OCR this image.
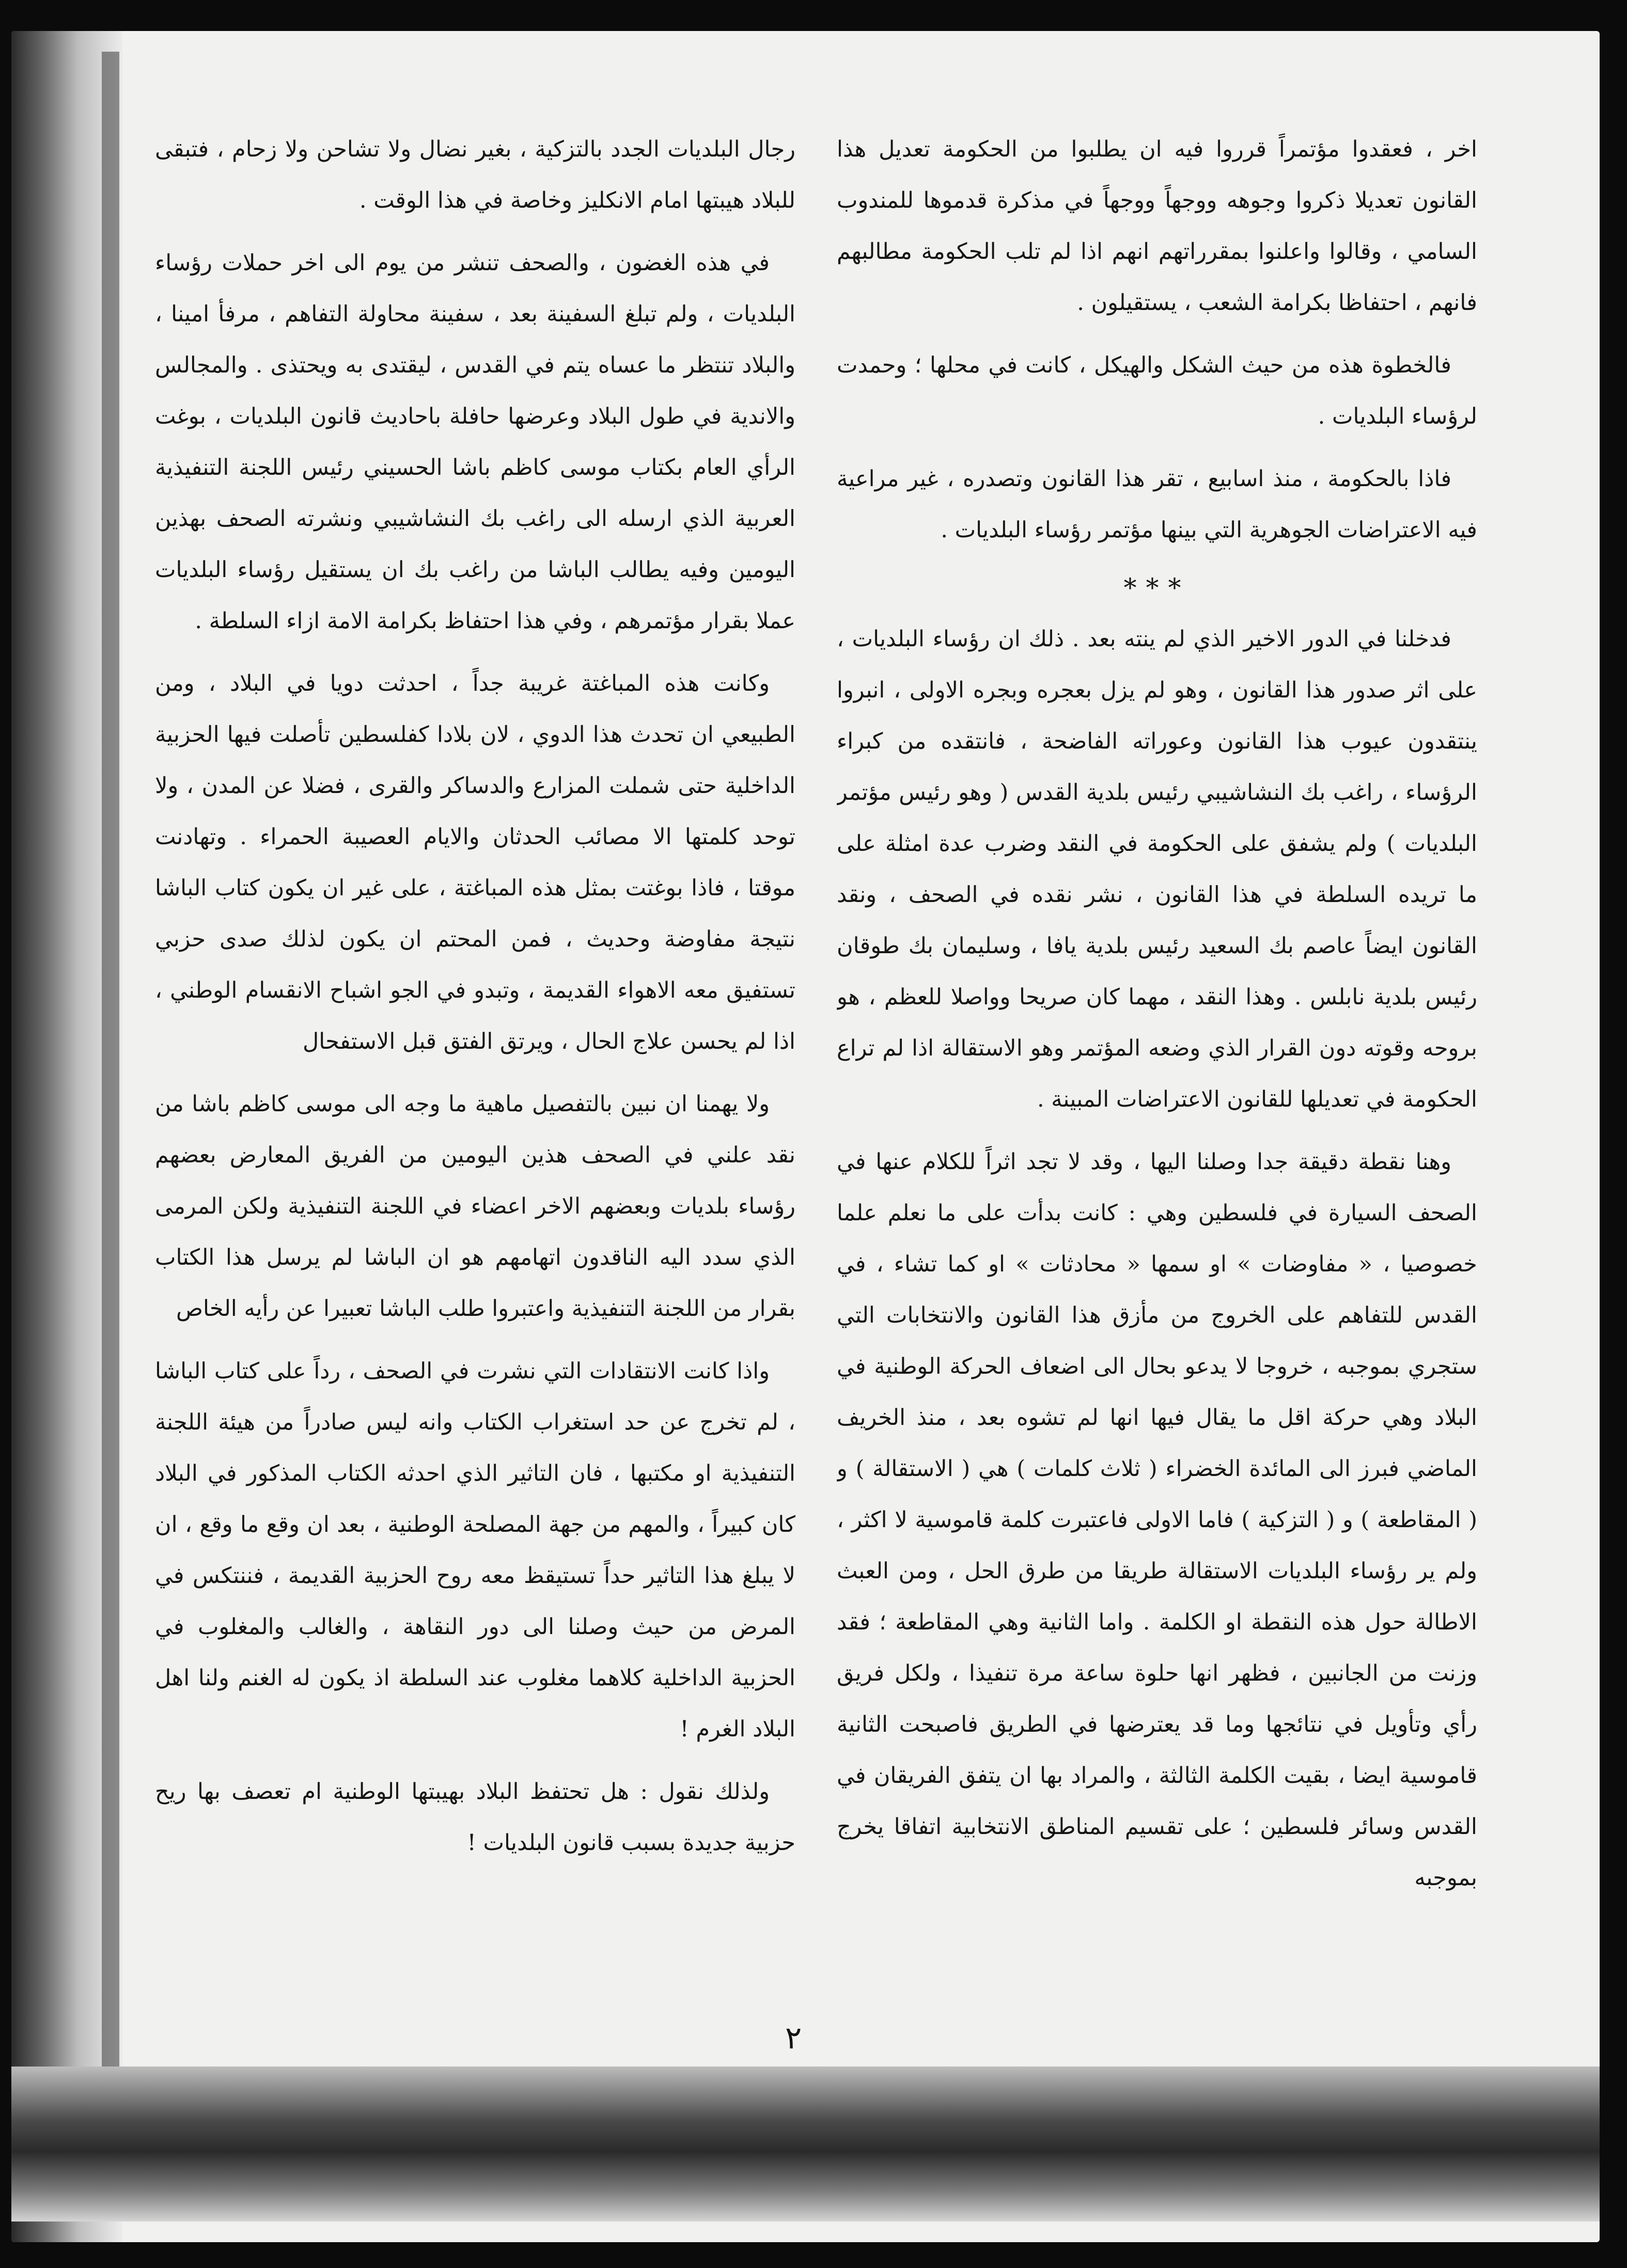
اخر ، فعقدوا مؤتمراً قرروا فيه ان يطلبوا من الحكومة تعديل هذا القانون تعديلا ذكروا وجوهه ووجهاً ووجهاً في مذكرة قدموها للمندوب السامي ، وقالوا واعلنوا بمقرراتهم انهم اذا لم تلب الحكومة مطالبهم فانهم ، احتفاظا بكرامة الشعب ، يستقيلون .

فالخطوة هذه من حيث الشكل والهيكل ، كانت في محلها ؛ وحمدت لرؤساء البلديات .

فاذا بالحكومة ، منذ اسابيع ، تقر هذا القانون وتصدره ، غير مراعية فيه الاعتراضات الجوهرية التي بينها مؤتمر رؤساء البلديات .

***

فدخلنا في الدور الاخير الذي لم ينته بعد . ذلك ان رؤساء البلديات ، على اثر صدور هذا القانون ، وهو لم يزل بعجره وبجره الاولى ، انبروا ينتقدون عيوب هذا القانون وعوراته الفاضحة ، فانتقده من كبراء الرؤساء ، راغب بك النشاشيبي رئيس بلدية القدس ( وهو رئيس مؤتمر البلديات ) ولم يشفق على الحكومة في النقد وضرب عدة امثلة على ما تريده السلطة في هذا القانون ، نشر نقده في الصحف ، ونقد القانون ايضاً عاصم بك السعيد رئيس بلدية يافا ، وسليمان بك طوقان رئيس بلدية نابلس . وهذا النقد ، مهما كان صريحا وواصلا للعظم ، هو بروحه وقوته دون القرار الذي وضعه المؤتمر وهو الاستقالة اذا لم تراع الحكومة في تعديلها للقانون الاعتراضات المبينة .

وهنا نقطة دقيقة جدا وصلنا اليها ، وقد لا تجد اثراً للكلام عنها في الصحف السيارة في فلسطين وهي : كانت بدأت على ما نعلم علما خصوصيا ، « مفاوضات » او سمها « محادثات » او كما تشاء ، في القدس للتفاهم على الخروج من مأزق هذا القانون والانتخابات التي ستجري بموجبه ، خروجا لا يدعو بحال الى اضعاف الحركة الوطنية في البلاد وهي حركة اقل ما يقال فيها انها لم تشوه بعد ، منذ الخريف الماضي فبرز الى المائدة الخضراء ( ثلاث كلمات ) هي ( الاستقالة ) و ( المقاطعة ) و ( التزكية ) فاما الاولى فاعتبرت كلمة قاموسية لا اكثر ، ولم ير رؤساء البلديات الاستقالة طريقا من طرق الحل ، ومن العبث الاطالة حول هذه النقطة او الكلمة . واما الثانية وهي المقاطعة ؛ فقد وزنت من الجانبين ، فظهر انها حلوة ساعة مرة تنفيذا ، ولكل فريق رأي وتأويل في نتائجها وما قد يعترضها في الطريق فاصبحت الثانية قاموسية ايضا ، بقيت الكلمة الثالثة ، والمراد بها ان يتفق الفريقان في القدس وسائر فلسطين ؛ على تقسيم المناطق الانتخابية اتفاقا يخرج بموجبه

رجال البلديات الجدد بالتزكية ، بغير نضال ولا تشاحن ولا زحام ، فتبقى للبلاد هيبتها امام الانكليز وخاصة في هذا الوقت .

في هذه الغضون ، والصحف تنشر من يوم الى اخر حملات رؤساء البلديات ، ولم تبلغ السفينة بعد ، سفينة محاولة التفاهم ، مرفأ امينا ، والبلاد تنتظر ما عساه يتم في القدس ، ليقتدى به ويحتذى . والمجالس والاندية في طول البلاد وعرضها حافلة باحاديث قانون البلديات ، بوغت الرأي العام بكتاب موسى كاظم باشا الحسيني رئيس اللجنة التنفيذية العربية الذي ارسله الى راغب بك النشاشيبي ونشرته الصحف بهذين اليومين وفيه يطالب الباشا من راغب بك ان يستقيل رؤساء البلديات عملا بقرار مؤتمرهم ، وفي هذا احتفاظ بكرامة الامة ازاء السلطة .

وكانت هذه المباغتة غريبة جداً ، احدثت دويا في البلاد ، ومن الطبيعي ان تحدث هذا الدوي ، لان بلادا كفلسطين تأصلت فيها الحزبية الداخلية حتى شملت المزارع والدساكر والقرى ، فضلا عن المدن ، ولا توحد كلمتها الا مصائب الحدثان والايام العصيبة الحمراء . وتهادنت موقتا ، فاذا بوغتت بمثل هذه المباغتة ، على غير ان يكون كتاب الباشا نتيجة مفاوضة وحديث ، فمن المحتم ان يكون لذلك صدى حزبي تستفيق معه الاهواء القديمة ، وتبدو في الجو اشباح الانقسام الوطني ، اذا لم يحسن علاج الحال ، ويرتق الفتق قبل الاستفحال

ولا يهمنا ان نبين بالتفصيل ماهية ما وجه الى موسى كاظم باشا من نقد علني في الصحف هذين اليومين من الفريق المعارض بعضهم رؤساء بلديات وبعضهم الاخر اعضاء في اللجنة التنفيذية ولكن المرمى الذي سدد اليه الناقدون اتهامهم هو ان الباشا لم يرسل هذا الكتاب بقرار من اللجنة التنفيذية واعتبروا طلب الباشا تعبيرا عن رأيه الخاص

واذا كانت الانتقادات التي نشرت في الصحف ، رداً على كتاب الباشا ، لم تخرج عن حد استغراب الكتاب وانه ليس صادراً من هيئة اللجنة التنفيذية او مكتبها ، فان التاثير الذي احدثه الكتاب المذكور في البلاد كان كبيراً ، والمهم من جهة المصلحة الوطنية ، بعد ان وقع ما وقع ، ان لا يبلغ هذا التاثير حداً تستيقظ معه روح الحزبية القديمة ، فننتكس في المرض من حيث وصلنا الى دور النقاهة ، والغالب والمغلوب في الحزبية الداخلية كلاهما مغلوب عند السلطة اذ يكون له الغنم ولنا اهل البلاد الغرم !

ولذلك نقول : هل تحتفظ البلاد بهيبتها الوطنية ام تعصف بها ريح حزبية جديدة بسبب قانون البلديات !

٢
